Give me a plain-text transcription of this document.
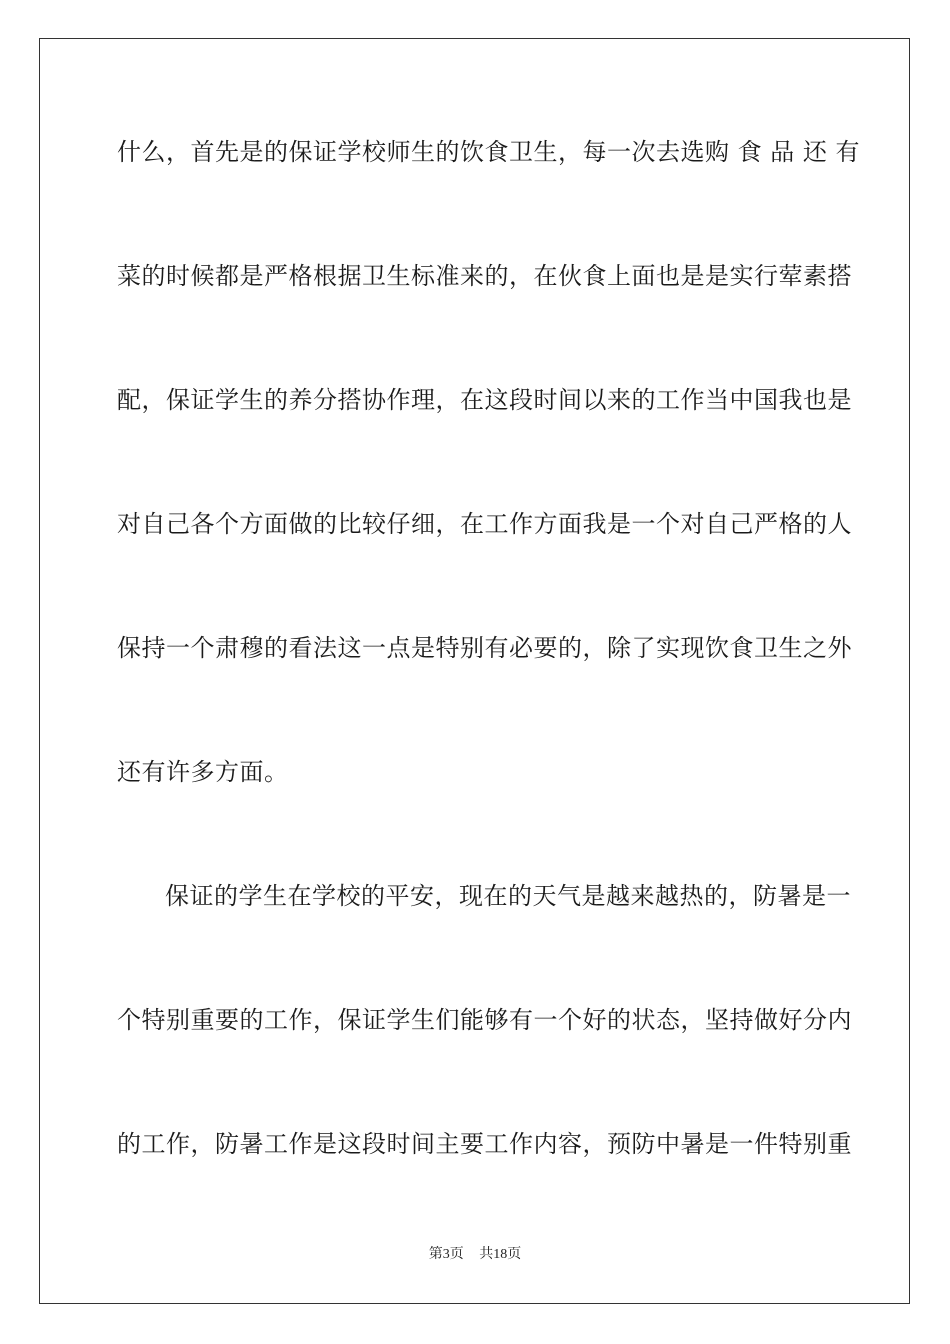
什么，首先是的保证学校师生的饮食卫生，每一次去选购 食 品 还 有
菜的时候都是严格根据卫生标准来的，在伙食上面也是是实行荤素搭
配，保证学生的养分搭协作理，在这段时间以来的工作当中国我也是
对自己各个方面做的比较仔细，在工作方面我是一个对自己严格的人
保持一个肃穆的看法这一点是特别有必要的，除了实现饮食卫生之外
还有许多方面。
保证的学生在学校的平安，现在的天气是越来越热的，防暑是一
个特别重要的工作，保证学生们能够有一个好的状态，坚持做好分内
的工作，防暑工作是这段时间主要工作内容，预防中暑是一件特别重
第3页 共18页
